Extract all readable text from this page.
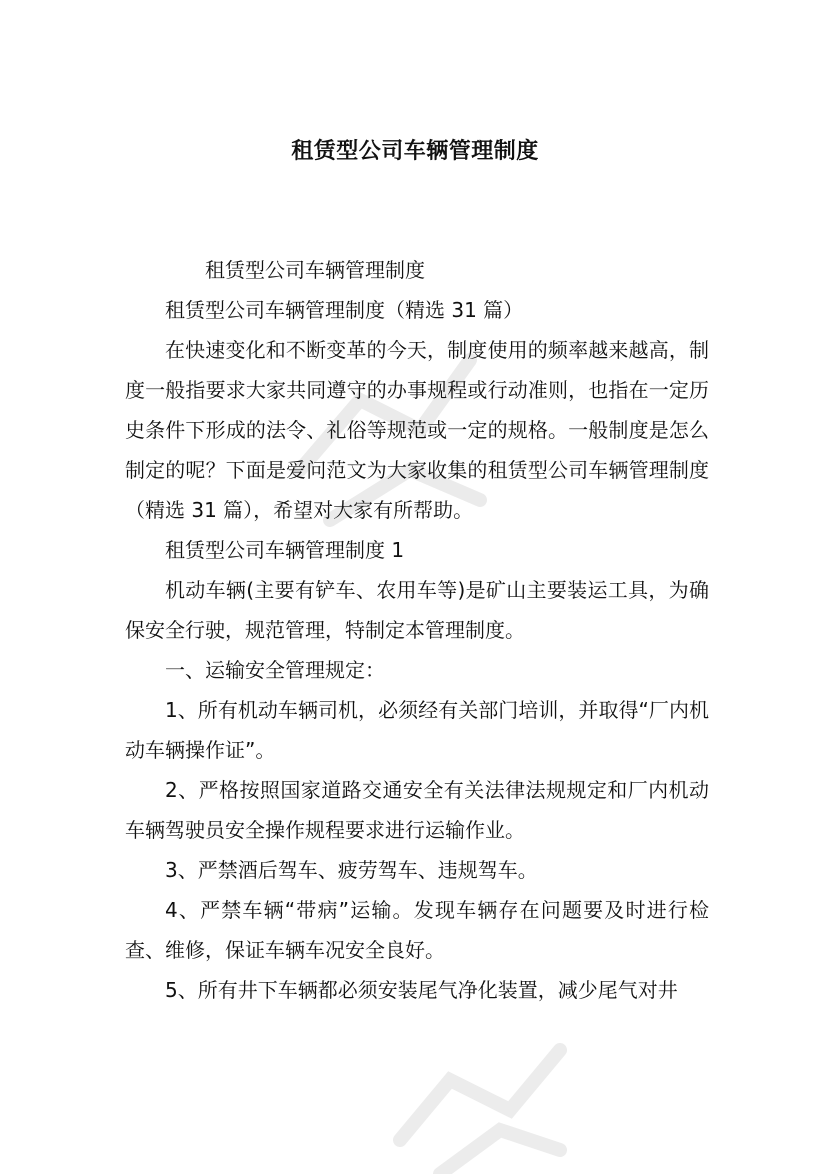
租赁型公司车辆管理制度

租赁型公司车辆管理制度

租赁型公司车辆管理制度（精选 31 篇）

在快速变化和不断变革的今天，制度使用的频率越来越高，制度一般指要求大家共同遵守的办事规程或行动准则，也指在一定历史条件下形成的法令、礼俗等规范或一定的规格。一般制度是怎么制定的呢？下面是爱问范文为大家收集的租赁型公司车辆管理制度（精选 31 篇），希望对大家有所帮助。

租赁型公司车辆管理制度 1

机动车辆(主要有铲车、农用车等)是矿山主要装运工具，为确保安全行驶，规范管理，特制定本管理制度。

一、运输安全管理规定：

1、所有机动车辆司机，必须经有关部门培训，并取得“厂内机动车辆操作证”。

2、严格按照国家道路交通安全有关法律法规规定和厂内机动车辆驾驶员安全操作规程要求进行运输作业。

3、严禁酒后驾车、疲劳驾车、违规驾车。

4、严禁车辆“带病”运输。发现车辆存在问题要及时进行检查、维修，保证车辆车况安全良好。

5、所有井下车辆都必须安装尾气净化装置，减少尾气对井
